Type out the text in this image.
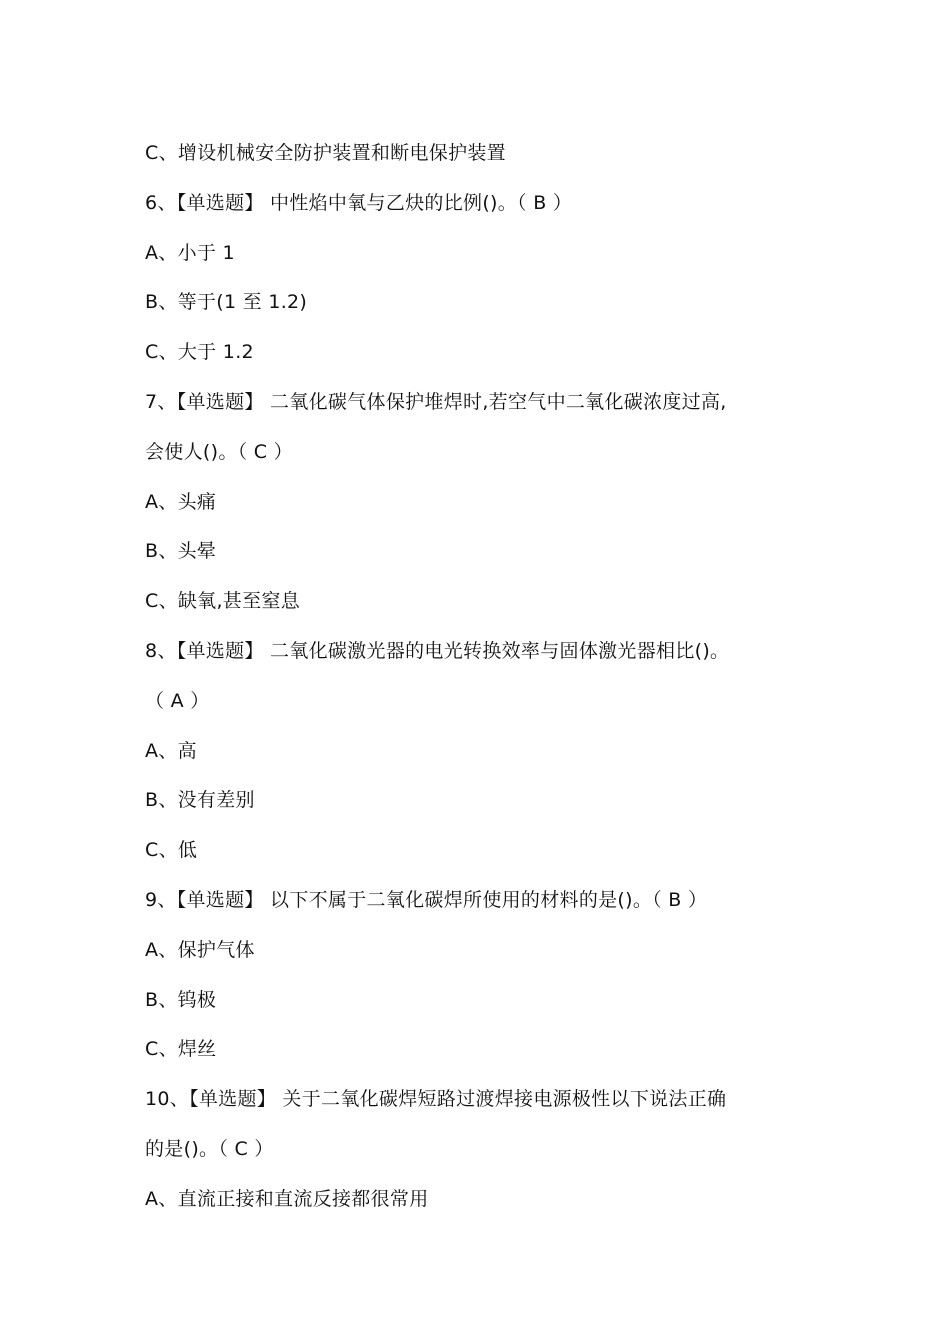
C、增设机械安全防护装置和断电保护装置
6、【单选题】 中性焰中氧与乙炔的比例()。（ B ）
A、小于 1
B、等于(1 至 1.2)
C、大于 1.2
7、【单选题】 二氧化碳气体保护堆焊时,若空气中二氧化碳浓度过高,
会使人()。（ C ）
A、头痛
B、头晕
C、缺氧,甚至窒息
8、【单选题】 二氧化碳激光器的电光转换效率与固体激光器相比()。
（ A ）
A、高
B、没有差别
C、低
9、【单选题】 以下不属于二氧化碳焊所使用的材料的是()。（ B ）
A、保护气体
B、钨极
C、焊丝
10、【单选题】 关于二氧化碳焊短路过渡焊接电源极性以下说法正确
的是()。（ C ）
A、直流正接和直流反接都很常用
